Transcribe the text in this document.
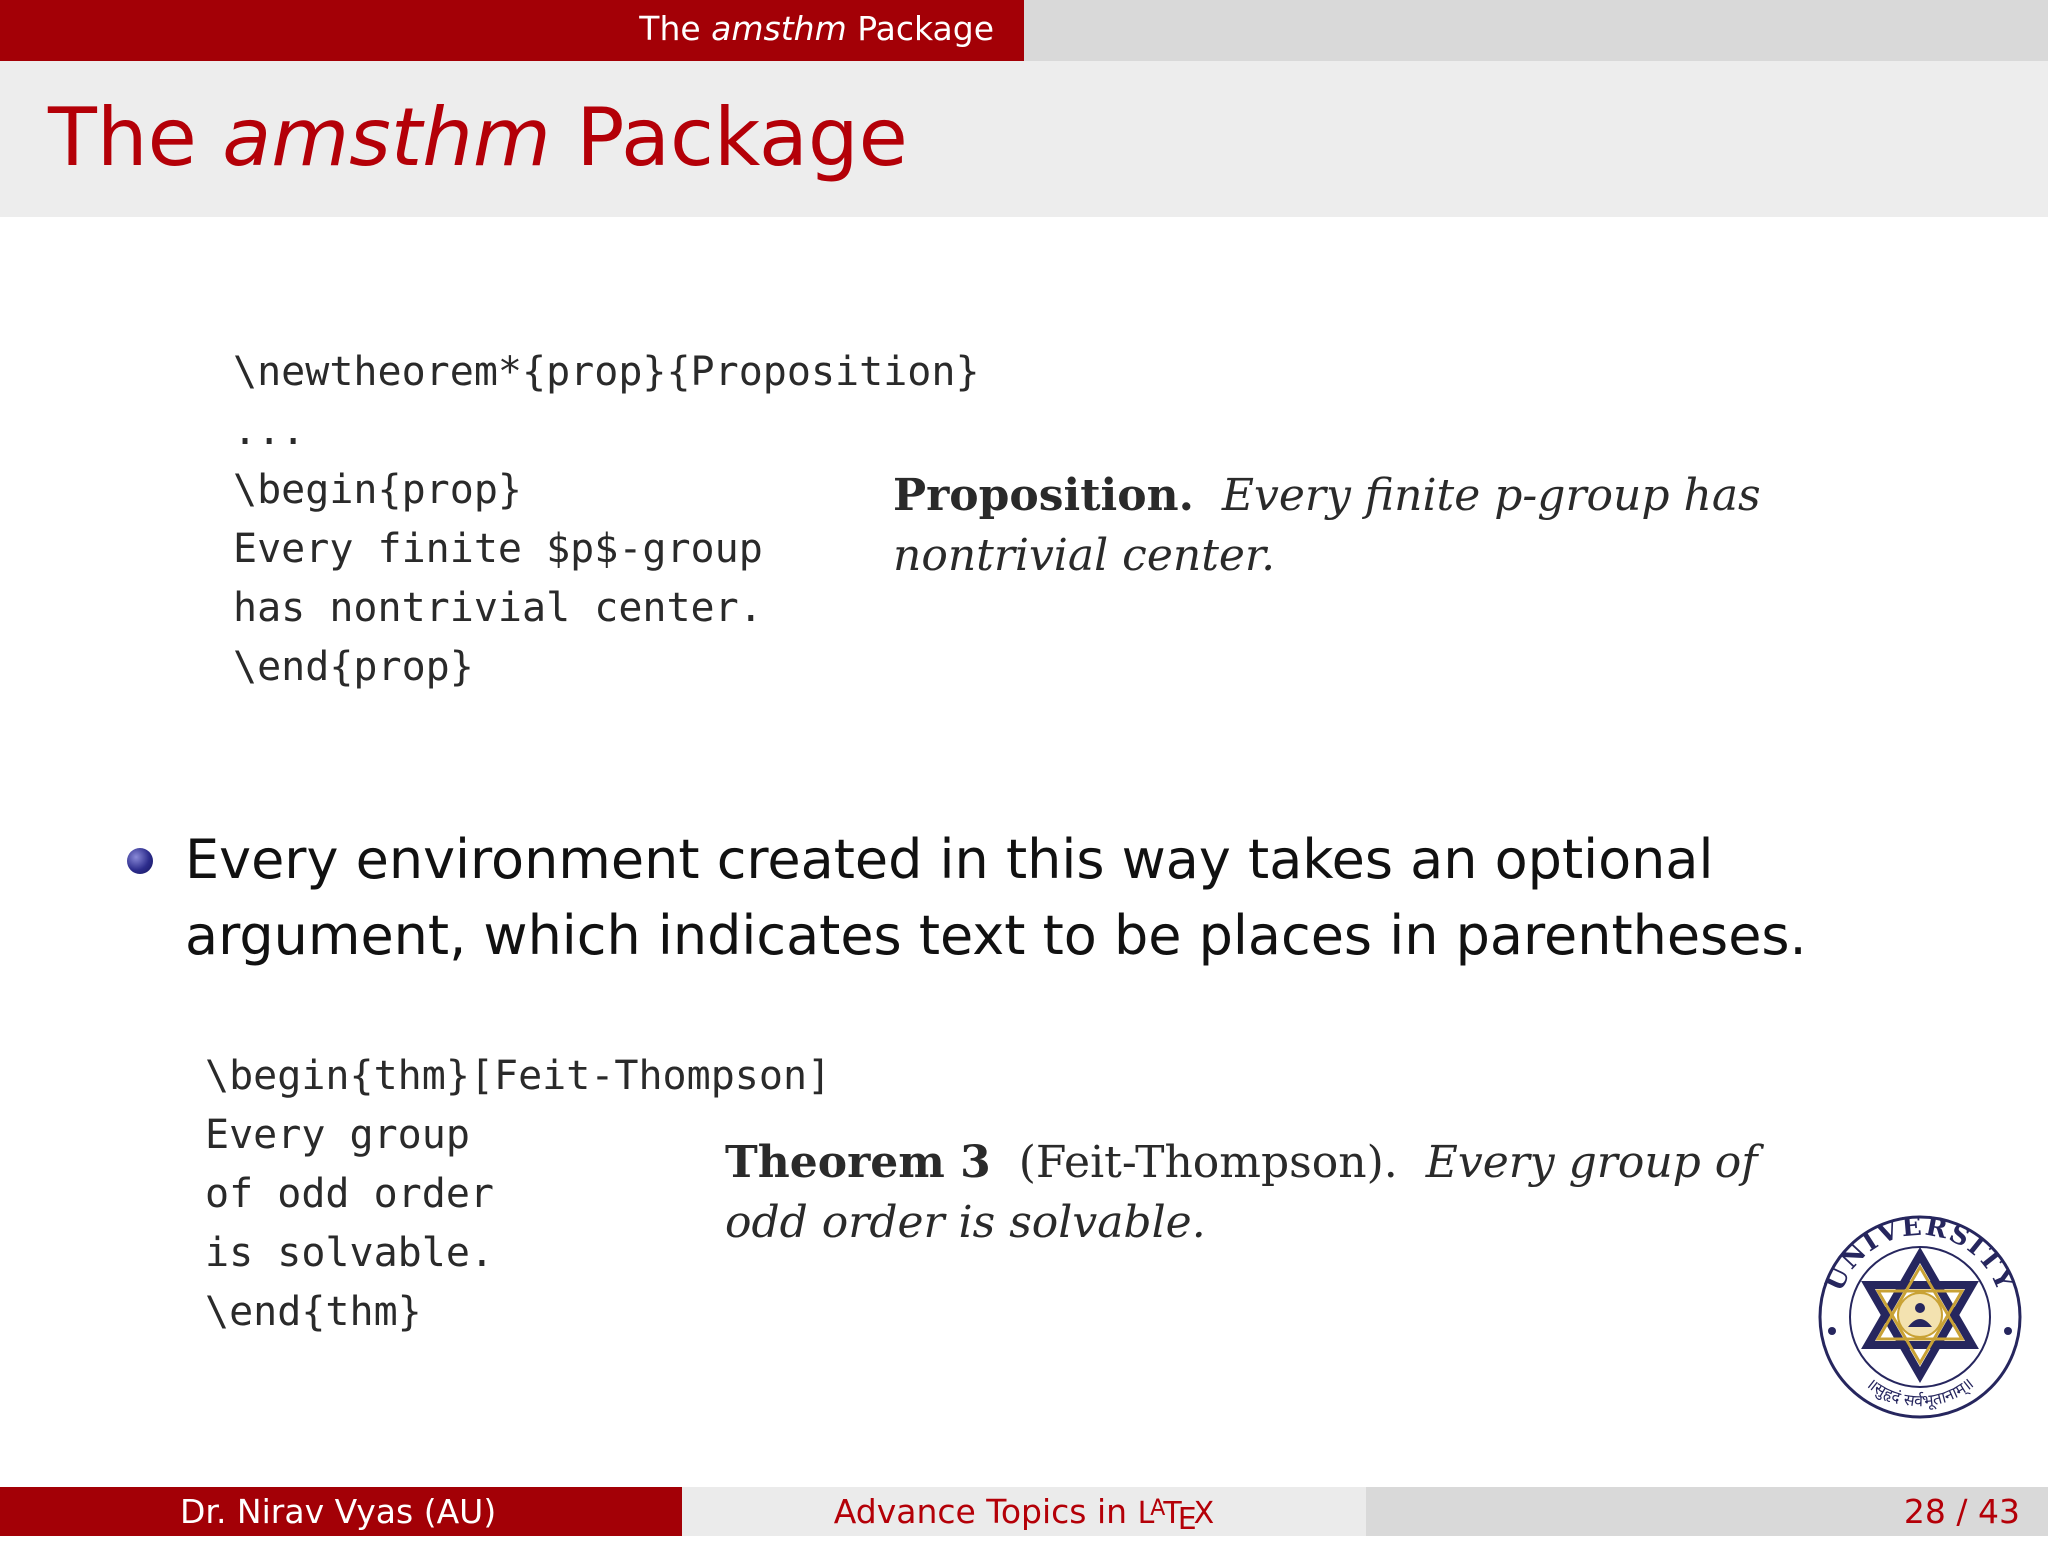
The amsthm Package
The amsthm Package
\newtheorem*{prop}{Proposition}
...
\begin{prop}
Every finite $p$-group
has nontrivial center.
\end{prop}
Proposition. Every finite p-group has nontrivial center.
Every environment created in this way takes an optional argument, which indicates text to be places in parentheses.
\begin{thm}[Feit-Thompson]
Every group
of odd order
is solvable.
\end{thm}
Theorem 3 (Feit-Thompson). Every group of odd order is solvable.
UNIVERSITY
॥सुहृदं सर्वभूतानाम्॥
Dr. Nirav Vyas (AU)	Advance Topics in $L^ATEX$	28 / 43
